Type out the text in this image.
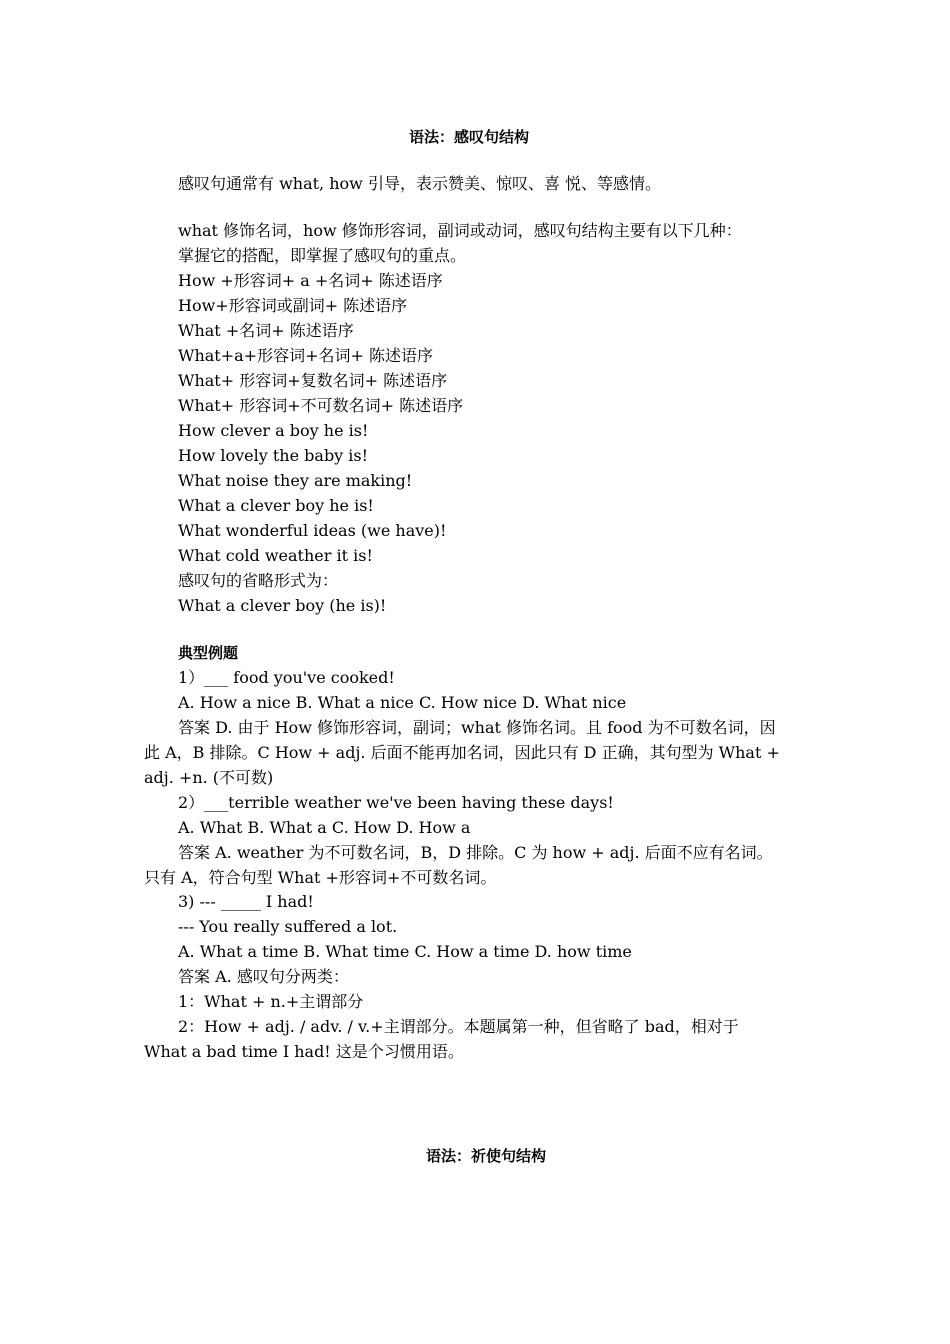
语法：感叹句结构
感叹句通常有 what, how 引导，表示赞美、惊叹、喜 悦、等感情。
what 修饰名词，how 修饰形容词，副词或动词，感叹句结构主要有以下几种：
掌握它的搭配，即掌握了感叹句的重点。
How +形容词+ a +名词+ 陈述语序
How+形容词或副词+ 陈述语序
What +名词+ 陈述语序
What+a+形容词+名词+ 陈述语序
What+ 形容词+复数名词+ 陈述语序
What+ 形容词+不可数名词+ 陈述语序
How clever a boy he is!
How lovely the baby is!
What noise they are making!
What a clever boy he is!
What wonderful ideas (we have)!
What cold weather it is!
感叹句的省略形式为：
What a clever boy (he is)!
典型例题
1）___ food you've cooked!
A. How a nice B. What a nice C. How nice D. What nice
答案 D. 由于 How 修饰形容词，副词；what 修饰名词。且 food 为不可数名词，因
此 A，B 排除。C How + adj. 后面不能再加名词，因此只有 D 正确，其句型为 What +
adj. +n. (不可数)
2）___terrible weather we've been having these days!
A. What B. What a C. How D. How a
答案 A. weather 为不可数名词，B，D 排除。C 为 how + adj. 后面不应有名词。
只有 A，符合句型 What +形容词+不可数名词。
3) --- _____ I had!
--- You really suffered a lot.
A. What a time B. What time C. How a time D. how time
答案 A. 感叹句分两类：
1：What + n.+主谓部分
2：How + adj. / adv. / v.+主谓部分。本题属第一种，但省略了 bad，相对于
What a bad time I had! 这是个习惯用语。
语法：祈使句结构
